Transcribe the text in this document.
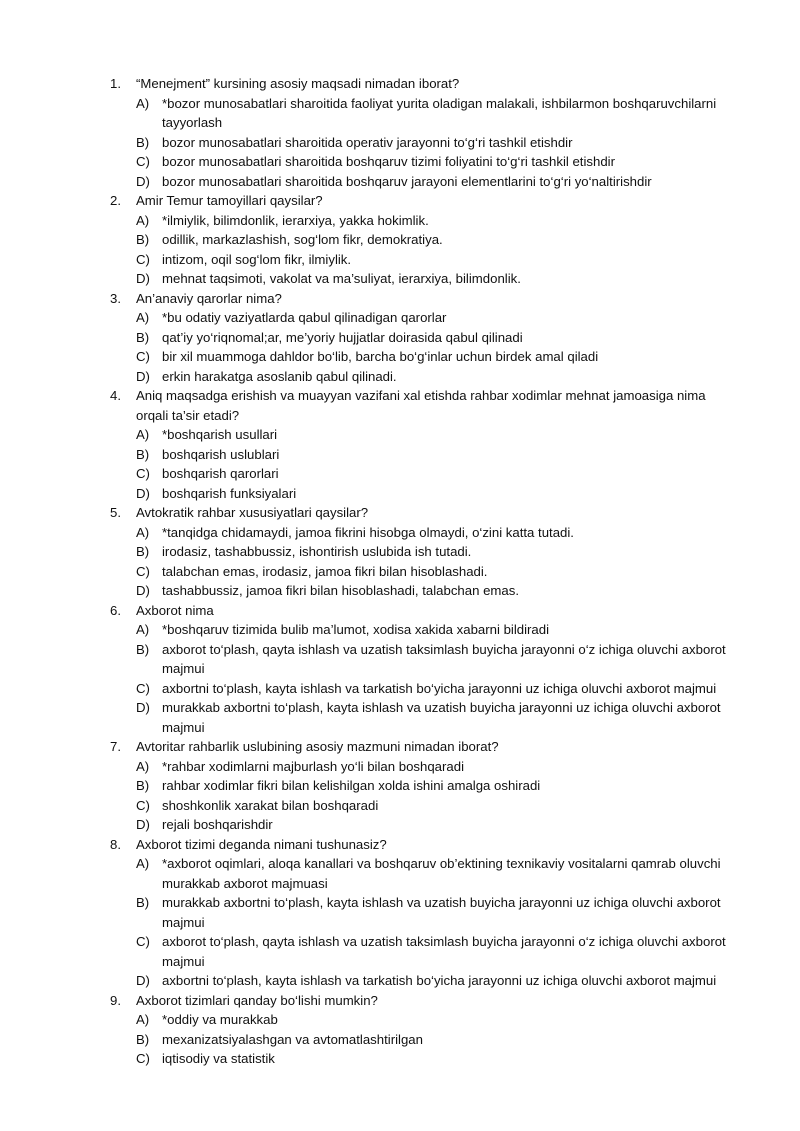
1.	“Menejment” kursining asosiy maqsadi nimadan iborat?
A) *bozor munosabatlari sharoitida faoliyat yurita oladigan malakali, ishbilarmon boshqaruvchilarni tayyorlash
B) bozor munosabatlari sharoitida operativ jarayonni to‘g‘ri tashkil etishdir
C) bozor munosabatlari sharoitida boshqaruv tizimi foliyatini to‘g‘ri tashkil etishdir
D) bozor munosabatlari sharoitida boshqaruv jarayoni elementlarini to‘g‘ri yo‘naltirishdir
2.	Amir Temur tamoyillari qaysilar?
A) *ilmiylik, bilimdonlik, ierarxiya, yakka hokimlik.
B) odillik, markazlashish, sog‘lom fikr, demokratiya.
C) intizom, oqil sog‘lom fikr, ilmiylik.
D) mehnat taqsimoti, vakolat va ma’suliyat, ierarxiya, bilimdonlik.
3.	An’anaviy qarorlar nima?
A) *bu odatiy vaziyatlarda qabul qilinadigan qarorlar
B) qat’iy yo‘riqnomal;ar, me’yoriy hujjatlar doirasida qabul qilinadi
C) bir xil muammoga dahldor bo‘lib, barcha bo‘g‘inlar uchun birdek amal qiladi
D) erkin harakatga asoslanib qabul qilinadi.
4.	Aniq maqsadga erishish va muayyan vazifani xal etishda rahbar xodimlar mehnat jamoasiga nima orqali ta’sir etadi?
A) *boshqarish usullari
B) boshqarish uslublari
C) boshqarish qarorlari
D) boshqarish funksiyalari
5.	Avtokratik rahbar xususiyatlari qaysilar?
A) *tanqidga chidamaydi, jamoa fikrini hisobga olmaydi, o‘zini katta tutadi.
B) irodasiz, tashabbussiz, ishontirish uslubida ish tutadi.
C) talabchan emas, irodasiz, jamoa fikri bilan hisoblashadi.
D) tashabbussiz, jamoa fikri bilan hisoblashadi, talabchan emas.
6.	Axborot nima
A) *boshqaruv tizimida bulib ma’lumot, xodisa xakida xabarni bildiradi
B) axborot to‘plash, qayta ishlash va uzatish taksimlash buyicha jarayonni o‘z ichiga oluvchi axborot majmui
C) axbortni to‘plash, kayta ishlash va tarkatish bo‘yicha jarayonni uz ichiga oluvchi axborot majmui
D) murakkab axbortni to‘plash, kayta ishlash va uzatish buyicha jarayonni uz ichiga oluvchi axborot majmui
7.	Avtoritar rahbarlik uslubining asosiy mazmuni nimadan iborat?
A) *rahbar xodimlarni majburlash yo‘li bilan boshqaradi
B) rahbar xodimlar fikri bilan kelishilgan xolda ishini amalga oshiradi
C) shoshkonlik xarakat bilan boshqaradi
D) rejali boshqarishdir
8.	Axborot tizimi deganda nimani tushunasiz?
A) *axborot oqimlari, aloqa kanallari va boshqaruv ob’ektining texnikaviy vositalarni qamrab oluvchi murakkab axborot majmuasi
B) murakkab axbortni to‘plash, kayta ishlash va uzatish buyicha jarayonni uz ichiga oluvchi axborot majmui
C) axborot to‘plash, qayta ishlash va uzatish taksimlash buyicha jarayonni o‘z ichiga oluvchi axborot majmui
D) axbortni to‘plash, kayta ishlash va tarkatish bo‘yicha jarayonni uz ichiga oluvchi axborot majmui
9.	Axborot tizimlari qanday bo‘lishi mumkin?
A) *oddiy va murakkab
B) mexanizatsiyalashgan va avtomatlashtirilgan
C) iqtisodiy va statistik
